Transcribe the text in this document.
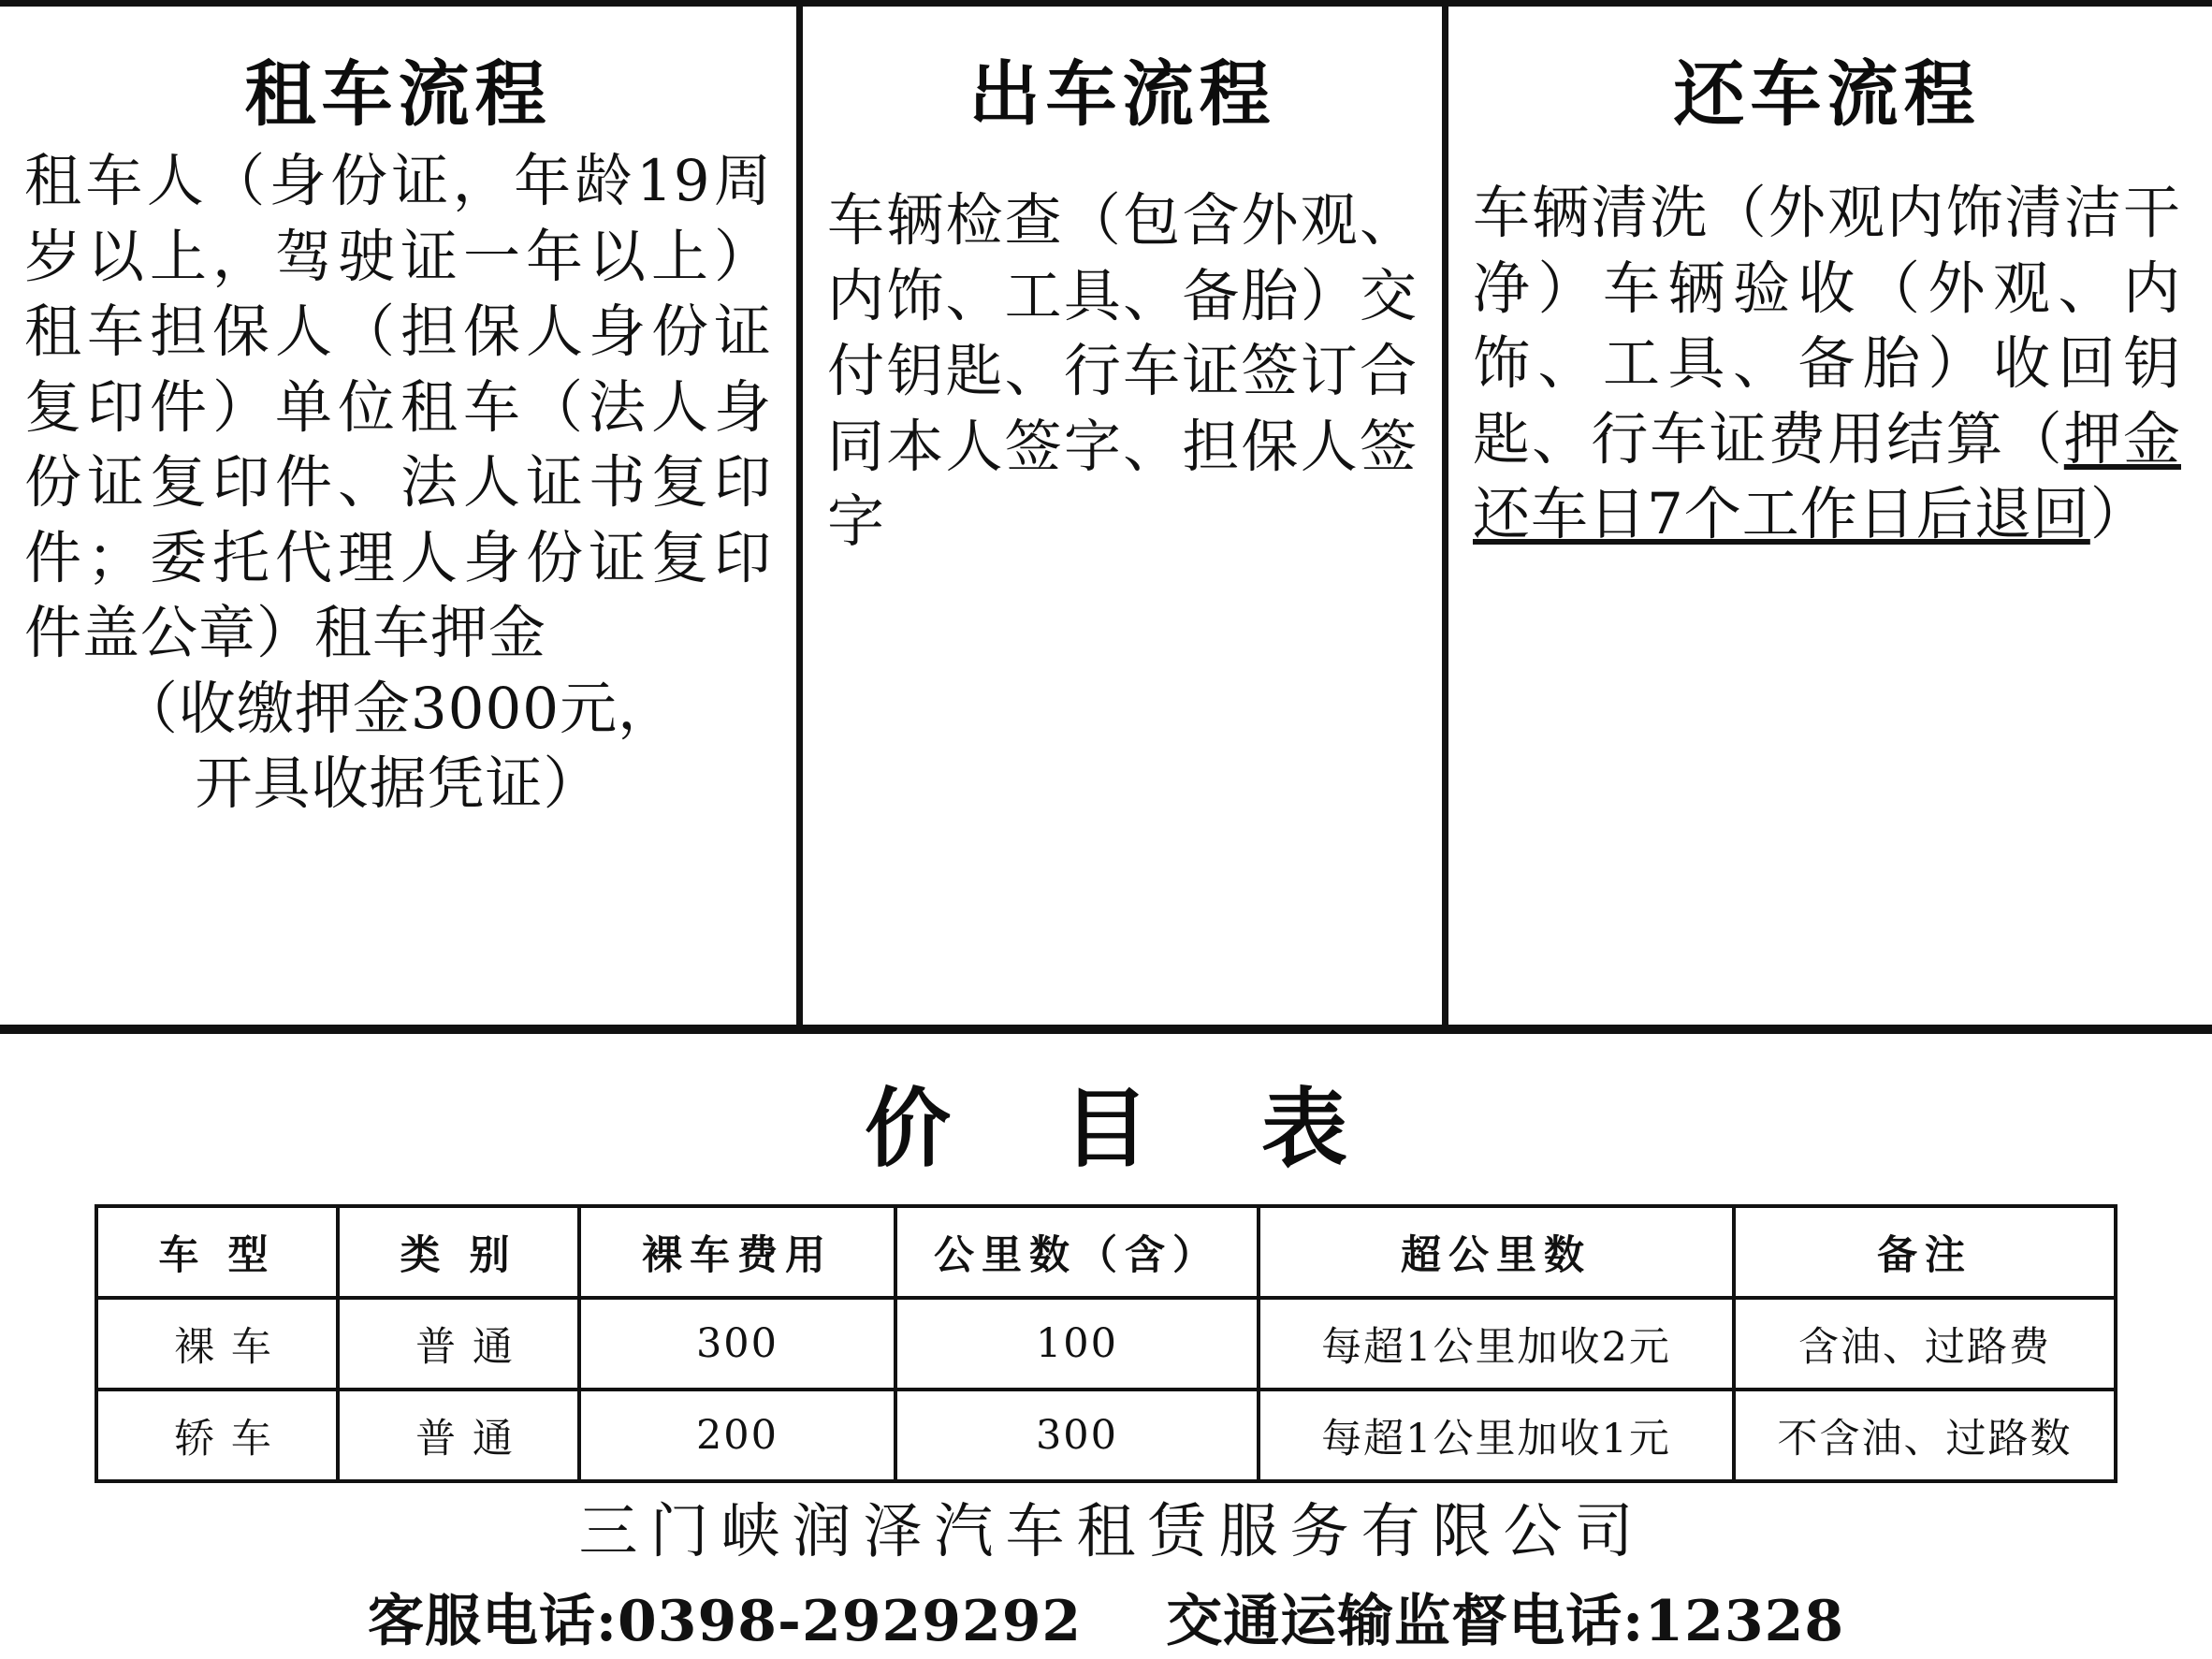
租车流程
租车人（身份证，年龄19周岁以上，驾驶证一年以上）租车担保人（担保人身份证复印件）单位租车（法人身份证复印件、法人证书复印件；委托代理人身份证复印件盖公章）租车押金
（收缴押金3000元，
开具收据凭证）
出车流程
车辆检查（包含外观、内饰、工具、备胎）交付钥匙、行车证签订合同本人签字、担保人签字
还车流程
车辆清洗（外观内饰清洁干净）车辆验收（外观、内饰、工具、备胎）收回钥匙、行车证费用结算（押金还车日7个工作日后退回）
价 目 表
车 型	类 别	裸车费用	公里数（含）	超公里数	备注
裸 车	普 通	300	100	每超1公里加收2元	含油、过路费
轿 车	普 通	200	300	每超1公里加收1元	不含油、过路数
三门峡润泽汽车租赁服务有限公司
客服电话:0398-2929292 交通运输监督电话:12328
